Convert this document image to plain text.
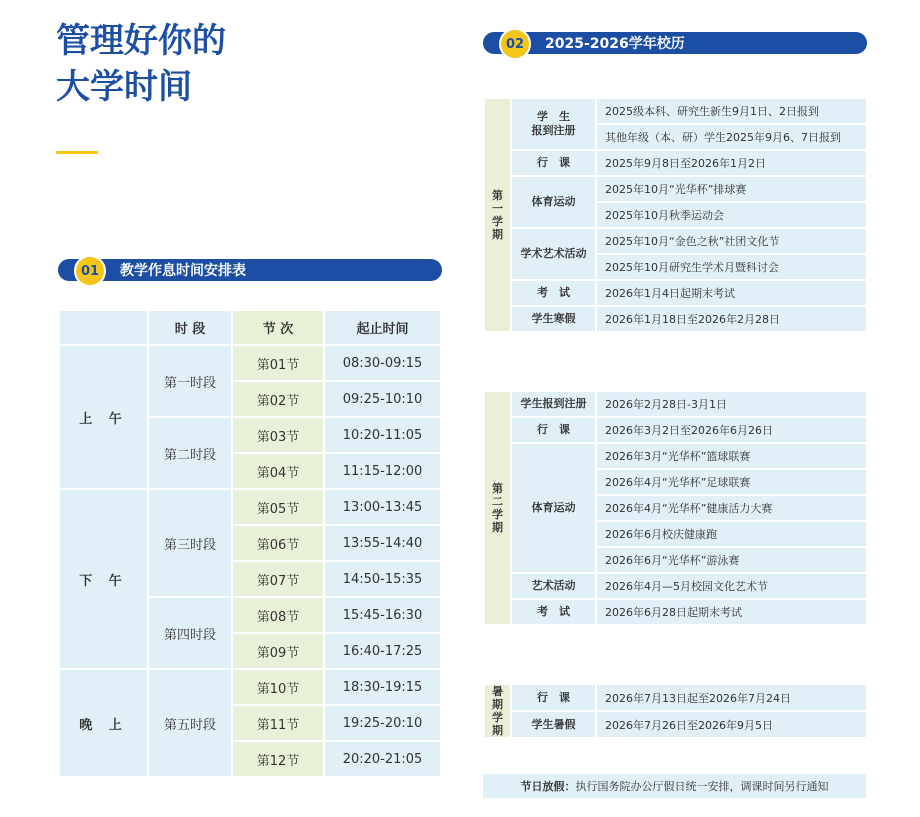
管理好你的
大学时间
01	教学作息时间安排表
02	2025-2026学年校历
	时 段	节 次	起止时间
上 午	第一时段	第01节	08:30-09:15
		第02节	09:25-10:10
	第二时段	第03节	10:20-11:05
		第04节	11:15-12:00
下 午	第三时段	第05节	13:00-13:45
		第06节	13:55-14:40
		第07节	14:50-15:35
	第四时段	第08节	15:45-16:30
		第09节	16:40-17:25
晚 上	第五时段	第10节	18:30-19:15
		第11节	19:25-20:10
		第12节	20:20-21:05
第
一
学
期	学　生
报到注册	2025级本科、研究生新生9月1日、2日报到
		其他年级（本、研）学生2025年9月6、7日报到
	行　课	2025年9月8日至2026年1月2日
	体育运动	2025年10月“光华杯”排球赛
		2025年10月秋季运动会
	学术艺术活动	2025年10月“金色之秋”社团文化节
		2025年10月研究生学术月暨科讨会
	考　试	2026年1月4日起期末考试
	学生寒假	2026年1月18日至2026年2月28日
第
二
学
期	学生报到注册	2026年2月28日-3月1日
	行　课	2026年3月2日至2026年6月26日
	体育运动	2026年3月“光华杯”篮球联赛
		2026年4月“光华杯”足球联赛
		2026年4月“光华杯”健康活力大赛
		2026年6月校庆健康跑
		2026年6月“光华杯”游泳赛
	艺术活动	2026年4月—5月校园文化艺术节
	考　试	2026年6月28日起期末考试
暑
期
学
期	行　课	2026年7月13日起至2026年7月24日
	学生暑假	2026年7月26日至2026年9月5日
节日放假： 执行国务院办公厅假日统一安排，调课时间另行通知
